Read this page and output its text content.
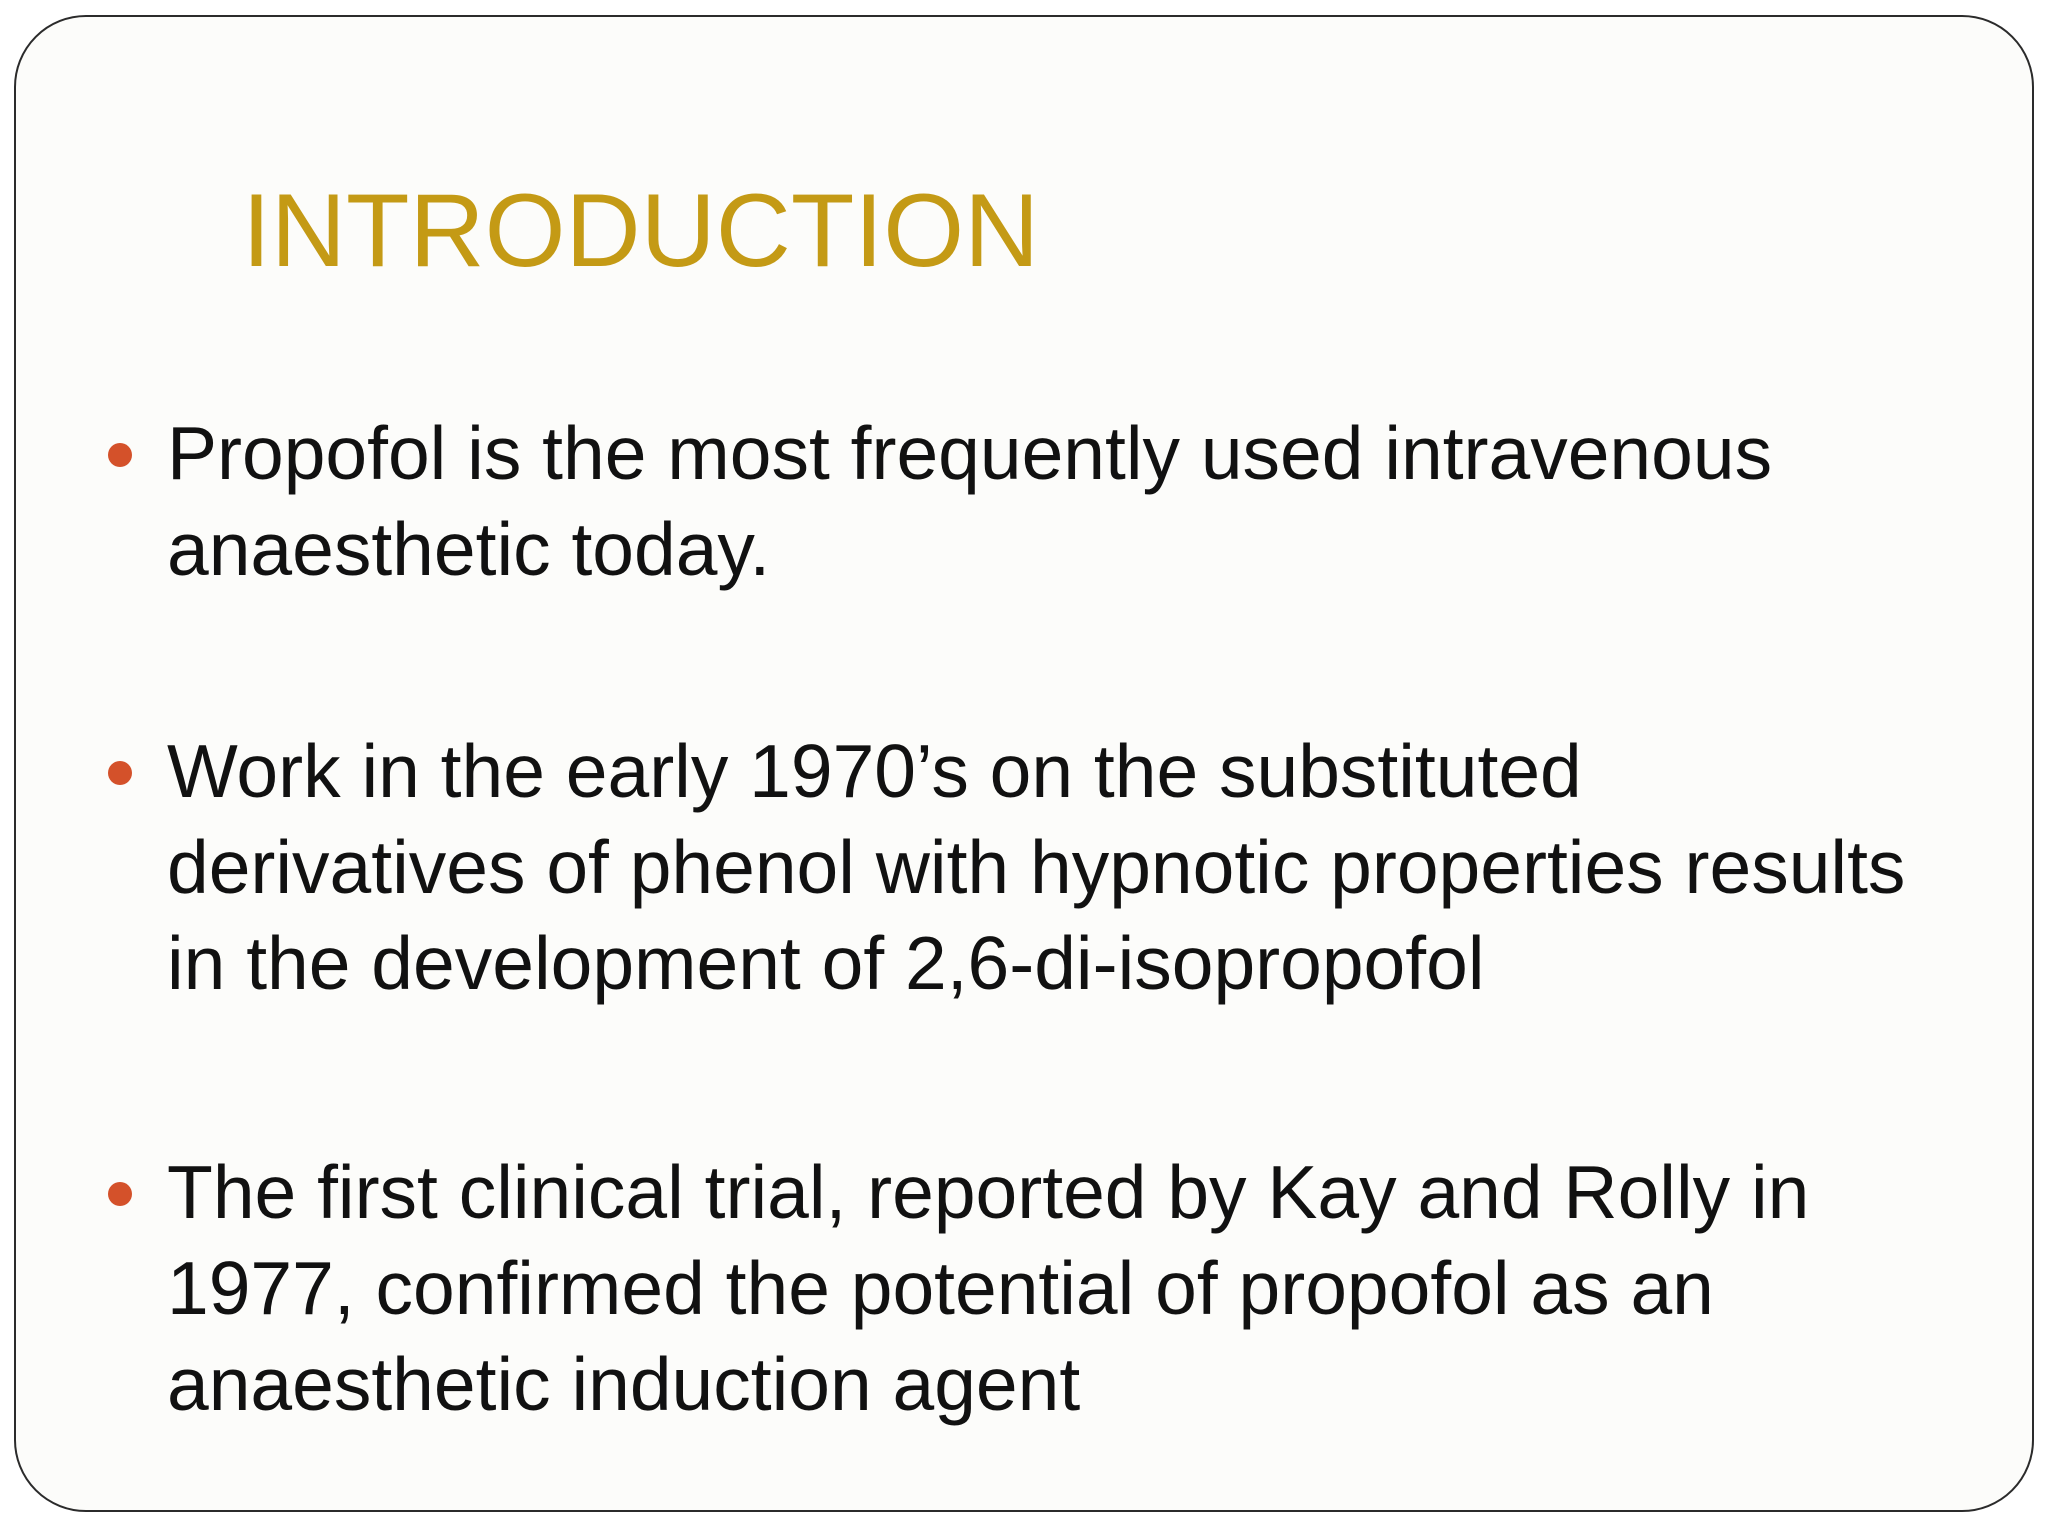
INTRODUCTION

Propofol is the most frequently used intravenous anaesthetic today.

Work in the early 1970’s on the substituted derivatives of phenol with hypnotic properties results in the development of 2,6-di-isopropofol

The first clinical trial, reported by Kay and Rolly in 1977, confirmed the potential of propofol as an anaesthetic induction agent
